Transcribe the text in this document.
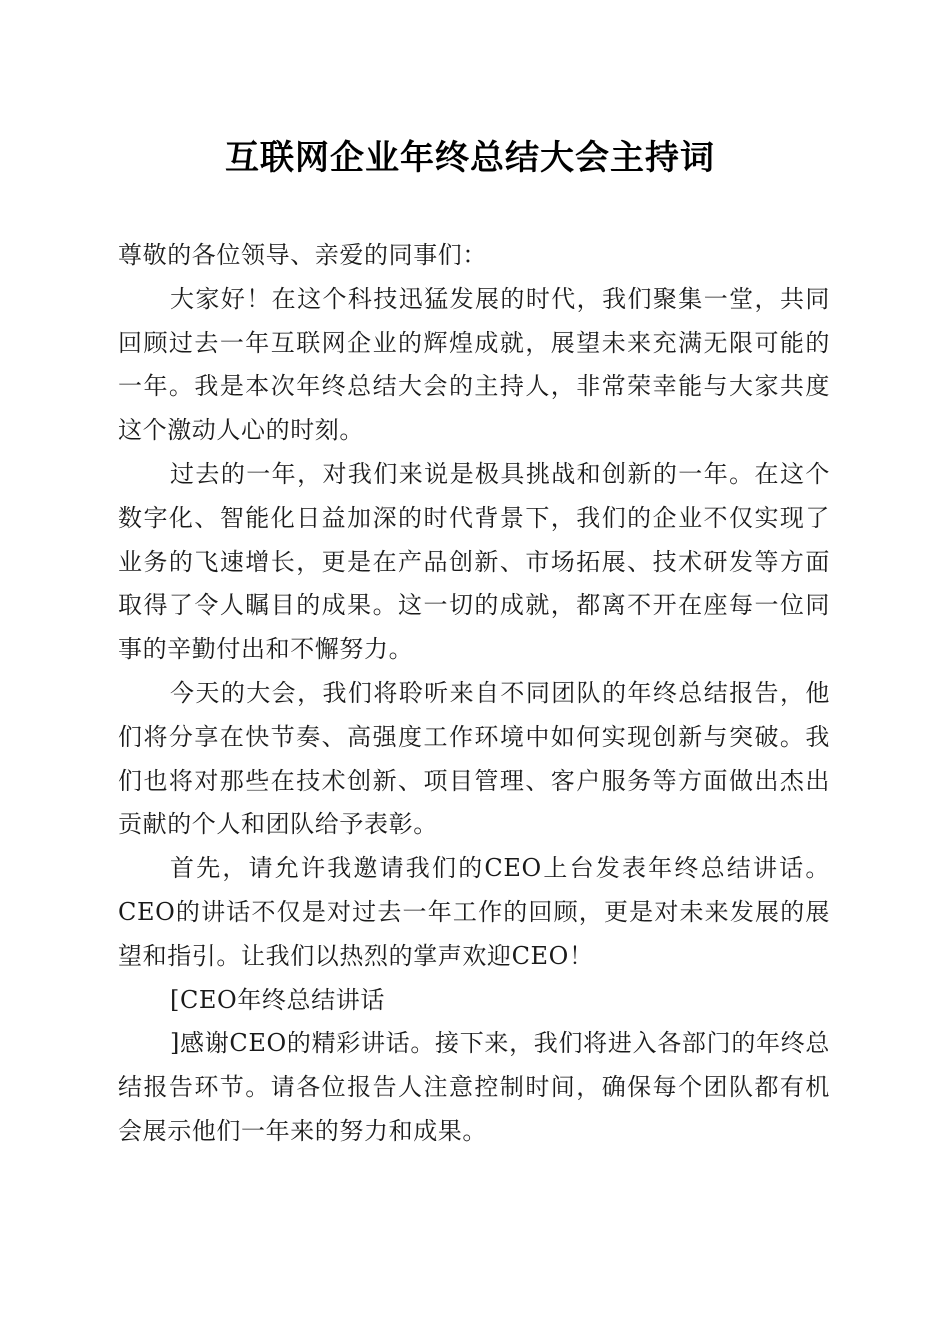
互联网企业年终总结大会主持词

尊敬的各位领导、亲爱的同事们：

大家好！在这个科技迅猛发展的时代，我们聚集一堂，共同回顾过去一年互联网企业的辉煌成就，展望未来充满无限可能的一年。我是本次年终总结大会的主持人，非常荣幸能与大家共度这个激动人心的时刻。

过去的一年，对我们来说是极具挑战和创新的一年。在这个数字化、智能化日益加深的时代背景下，我们的企业不仅实现了业务的飞速增长，更是在产品创新、市场拓展、技术研发等方面取得了令人瞩目的成果。这一切的成就，都离不开在座每一位同事的辛勤付出和不懈努力。

今天的大会，我们将聆听来自不同团队的年终总结报告，他们将分享在快节奏、高强度工作环境中如何实现创新与突破。我们也将对那些在技术创新、项目管理、客户服务等方面做出杰出贡献的个人和团队给予表彰。

首先，请允许我邀请我们的CEO上台发表年终总结讲话。CEO的讲话不仅是对过去一年工作的回顾，更是对未来发展的展望和指引。让我们以热烈的掌声欢迎CEO！

[CEO年终总结讲话

]感谢CEO的精彩讲话。接下来，我们将进入各部门的年终总结报告环节。请各位报告人注意控制时间，确保每个团队都有机会展示他们一年来的努力和成果。
